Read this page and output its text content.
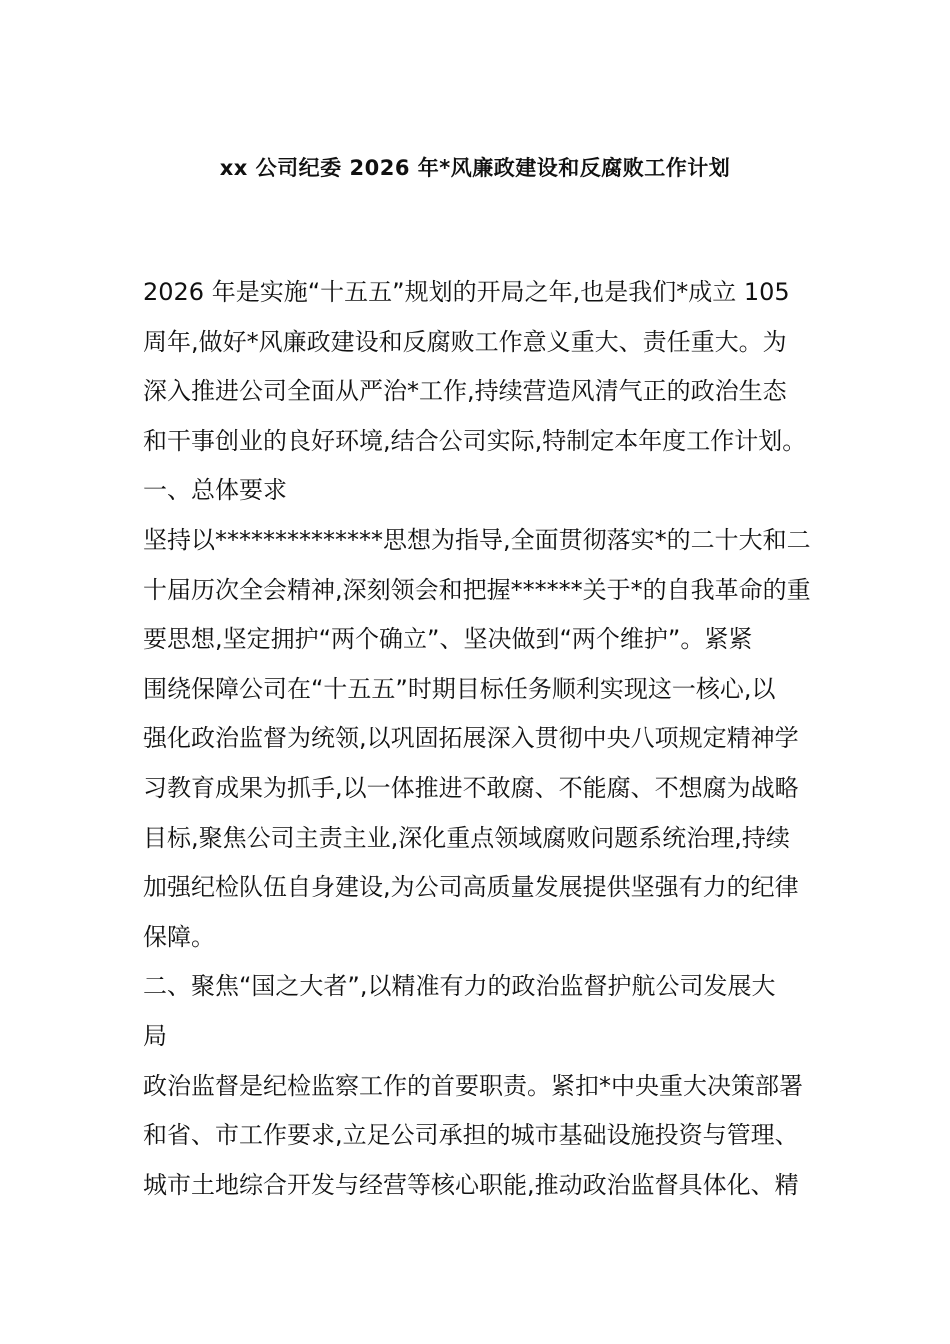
xx 公司纪委 2026 年*风廉政建设和反腐败工作计划
2026 年是实施“十五五”规划的开局之年,也是我们*成立 105
周年,做好*风廉政建设和反腐败工作意义重大、责任重大。为
深入推进公司全面从严治*工作,持续营造风清气正的政治生态
和干事创业的良好环境,结合公司实际,特制定本年度工作计划。
一、总体要求
坚持以**************思想为指导,全面贯彻落实*的二十大和二
十届历次全会精神,深刻领会和把握******关于*的自我革命的重
要思想,坚定拥护“两个确立”、坚决做到“两个维护”。紧紧
围绕保障公司在“十五五”时期目标任务顺利实现这一核心,以
强化政治监督为统领,以巩固拓展深入贯彻中央八项规定精神学
习教育成果为抓手,以一体推进不敢腐、不能腐、不想腐为战略
目标,聚焦公司主责主业,深化重点领域腐败问题系统治理,持续
加强纪检队伍自身建设,为公司高质量发展提供坚强有力的纪律
保障。
二、聚焦“国之大者”,以精准有力的政治监督护航公司发展大
局
政治监督是纪检监察工作的首要职责。紧扣*中央重大决策部署
和省、市工作要求,立足公司承担的城市基础设施投资与管理、
城市土地综合开发与经营等核心职能,推动政治监督具体化、精
